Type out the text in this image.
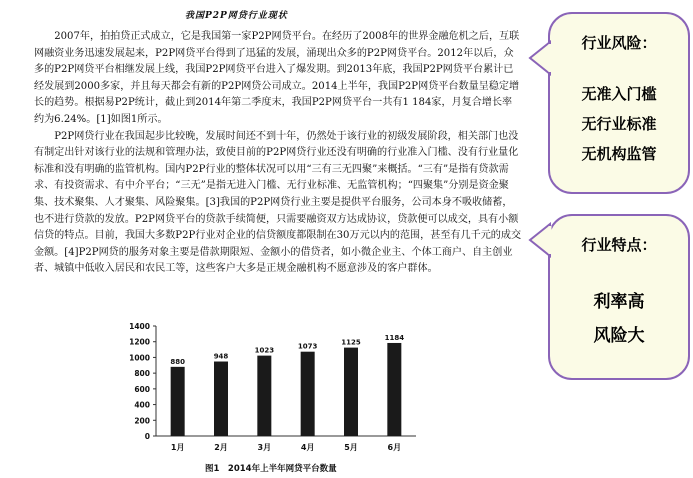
我国P2P网贷行业现状

2007年，拍拍贷正式成立，它是我国第一家P2P网贷平台。在经历了2008年的世界金融危机之后，互联网融资业务迅速发展起来，P2P网贷平台得到了迅猛的发展，涌现出众多的P2P网贷平台。2012年以后，众多的P2P网贷平台相继发展上线，我国P2P网贷平台进入了爆发期。到2013年底，我国P2P网贷平台累计已经发展到2000多家，并且每天都会有新的P2P网贷公司成立。2014上半年，我国P2P网贷平台数量呈稳定增长的趋势。根据易P2P统计，截止到2014年第二季度末，我国P2P网贷平台一共有1 184家，月复合增长率约为6.24%。[1]如图1所示。

P2P网贷行业在我国起步比较晚，发展时间还不到十年，仍然处于该行业的初级发展阶段，相关部门也没有制定出针对该行业的法规和管理办法，致使目前的P2P网贷行业还没有明确的行业准入门槛、没有行业量化标准和没有明确的监管机构。国内P2P行业的整体状况可以用“三有三无四聚”来概括。“三有”是指有贷款需求、有投资需求、有中介平台；“三无”是指无进入门槛、无行业标准、无监管机构；“四聚集”分别是资金聚集、技术聚集、人才聚集、风险聚集。[3]我国的P2P网贷行业主要是提供平台服务，公司本身不吸收储蓄，也不进行贷款的发放。P2P网贷平台的贷款手续简便，只需要融资双方达成协议，贷款便可以成交，具有小额信贷的特点。目前，我国大多数P2P行业对企业的信贷额度都限制在30万元以内的范围，甚至有几千元的成交金额。[4]P2P网贷的服务对象主要是借款期限短、金额小的借贷者，如小微企业主、个体工商户、自主创业者、城镇中低收入居民和农民工等，这些客户大多是正规金融机构不愿意涉及的客户群体。

0
200
400
600
800
1000
1200
1400
880
1月
948
2月
1023
3月
1073
4月
1125
5月
1184
6月
图1　2014年上半年网贷平台数量
行业风险：
无准入门槛
无行业标准
无机构监管
行业特点：
利率高
风险大
